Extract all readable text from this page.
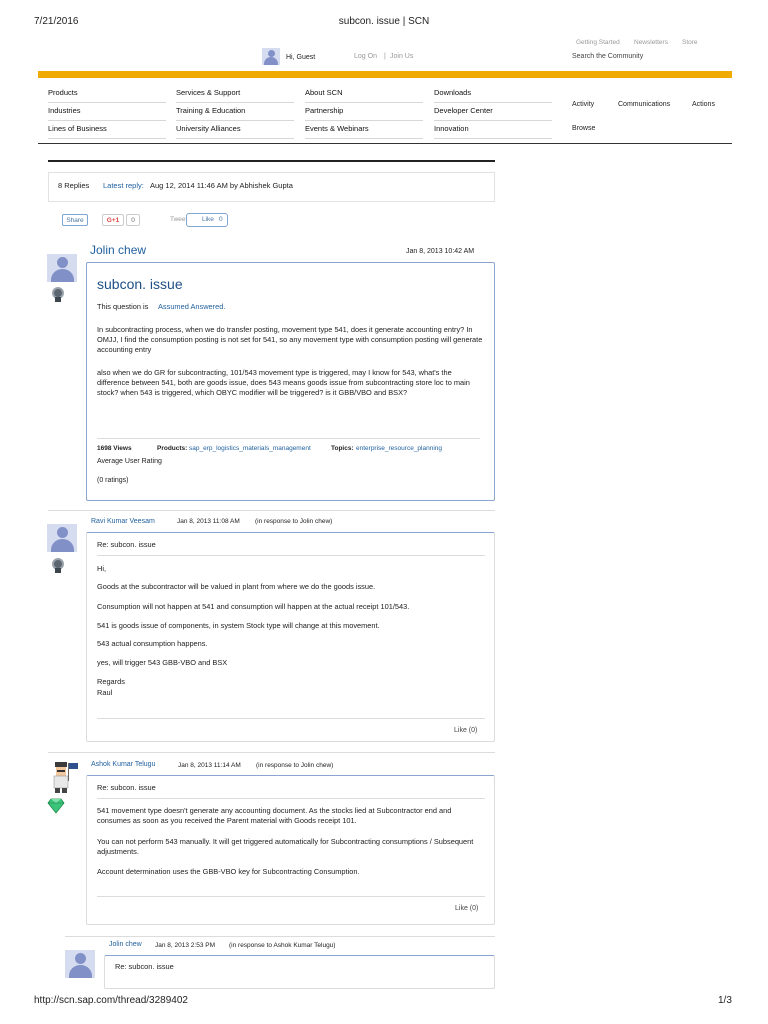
7/21/2016	subcon. issue | SCN
Getting Started Newsletters Store
Search the Community
Hi, Guest	Log On | Join Us
Products
Industries
Lines of Business
Services & Support
Training & Education
University Alliances
About SCN
Partnership
Events & Webinars
Downloads
Developer Center
Innovation
Activity	Communications	Actions
Browse
8 Replies Latest reply: Aug 12, 2014 11:46 AM by Abhishek Gupta
Share	G+1	0	Tweet Like 0
Jolin chew	Jan 8, 2013 10:42 AM
subcon. issue
This question is Assumed Answered.
In subcontracting process, when we do transfer posting, movement type 541, does it generate accounting entry? In OMJJ, I find the consumption posting is not set for 541, so any movement type with consumption posting will generate accounting entry
also when we do GR for subcontracting, 101/543 movement type is triggered, may I know for 543, what's the difference between 541, both are goods issue, does 543 means goods issue from subcontracting store loc to main stock? when 543 is triggered, which OBYC modifier will be triggered? is it GBB/VBO and BSX?
1698 Views	Products: sap_erp_logistics_materials_management	Topics: enterprise_resource_planning
Average User Rating
(0 ratings)
Ravi Kumar Veesam	Jan 8, 2013 11:08 AM (in response to Jolin chew)
Re: subcon. issue
Hi,
Goods at the subcontractor will be valued in plant from where we do the goods issue.
Consumption will not happen at 541 and consumption will happen at the actual receipt 101/543.
541 is goods issue of components, in system Stock type will change at this movement.
543 actual consumption happens.
yes, will trigger 543 GBB-VBO and BSX
Regards
Raul
Like (0)
Ashok Kumar Telugu	Jan 8, 2013 11:14 AM (in response to Jolin chew)
Re: subcon. issue
541 movement type doesn't generate any accounting document. As the stocks lied at Subcontractor end and consumes as soon as you received the Parent material with Goods receipt 101.
You can not perform 543 manually. It will get triggered automatically for Subcontracting consumptions / Subsequent adjustments.
Account determination uses the GBB-VBO key for Subcontracting Consumption.
Like (0)
Jolin chew Jan 8, 2013 2:53 PM (in response to Ashok Kumar Telugu)
Re: subcon. issue
http://scn.sap.com/thread/3289402	1/3
